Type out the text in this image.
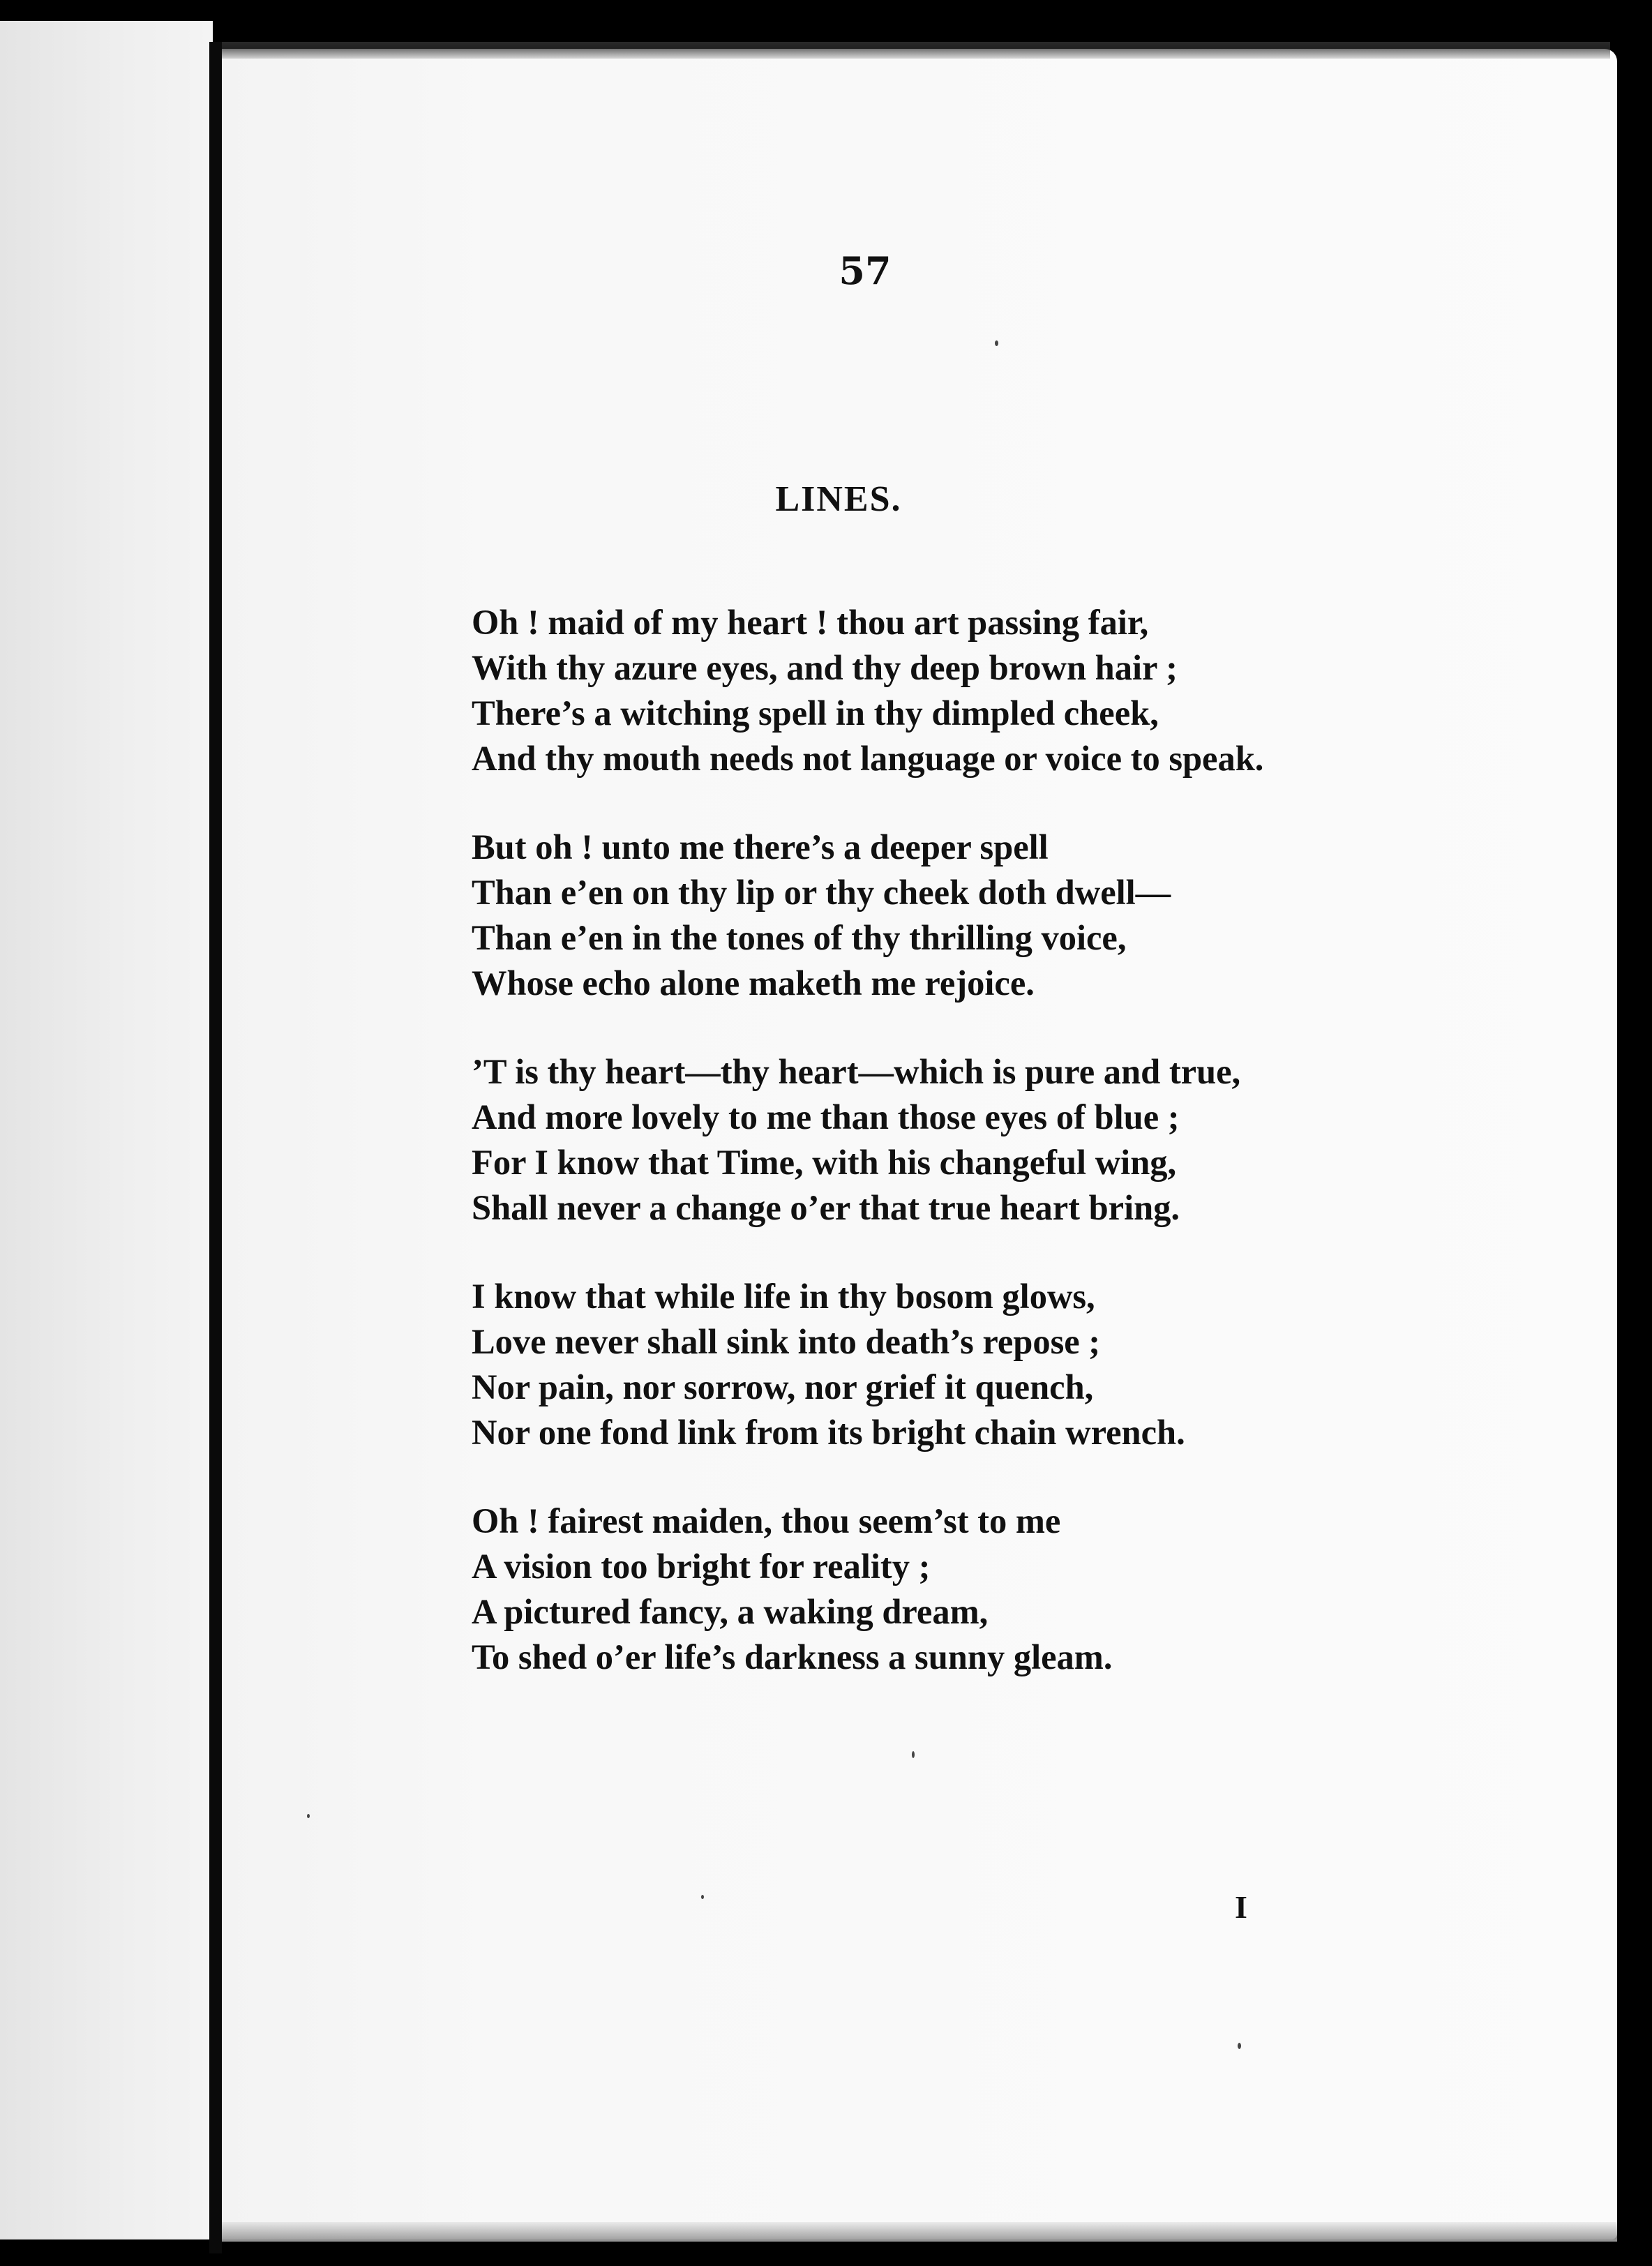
57
LINES.
Oh ! maid of my heart ! thou art passing fair,
With thy azure eyes, and thy deep brown hair ;
There’s a witching spell in thy dimpled cheek,
And thy mouth needs not language or voice to speak.
But oh ! unto me there’s a deeper spell
Than e’en on thy lip or thy cheek doth dwell—
Than e’en in the tones of thy thrilling voice,
Whose echo alone maketh me rejoice.
’T is thy heart—thy heart—which is pure and true,
And more lovely to me than those eyes of blue ;
For I know that Time, with his changeful wing,
Shall never a change o’er that true heart bring.
I know that while life in thy bosom glows,
Love never shall sink into death’s repose ;
Nor pain, nor sorrow, nor grief it quench,
Nor one fond link from its bright chain wrench.
Oh ! fairest maiden, thou seem’st to me
A vision too bright for reality ;
A pictured fancy, a waking dream,
To shed o’er life’s darkness a sunny gleam.
I
